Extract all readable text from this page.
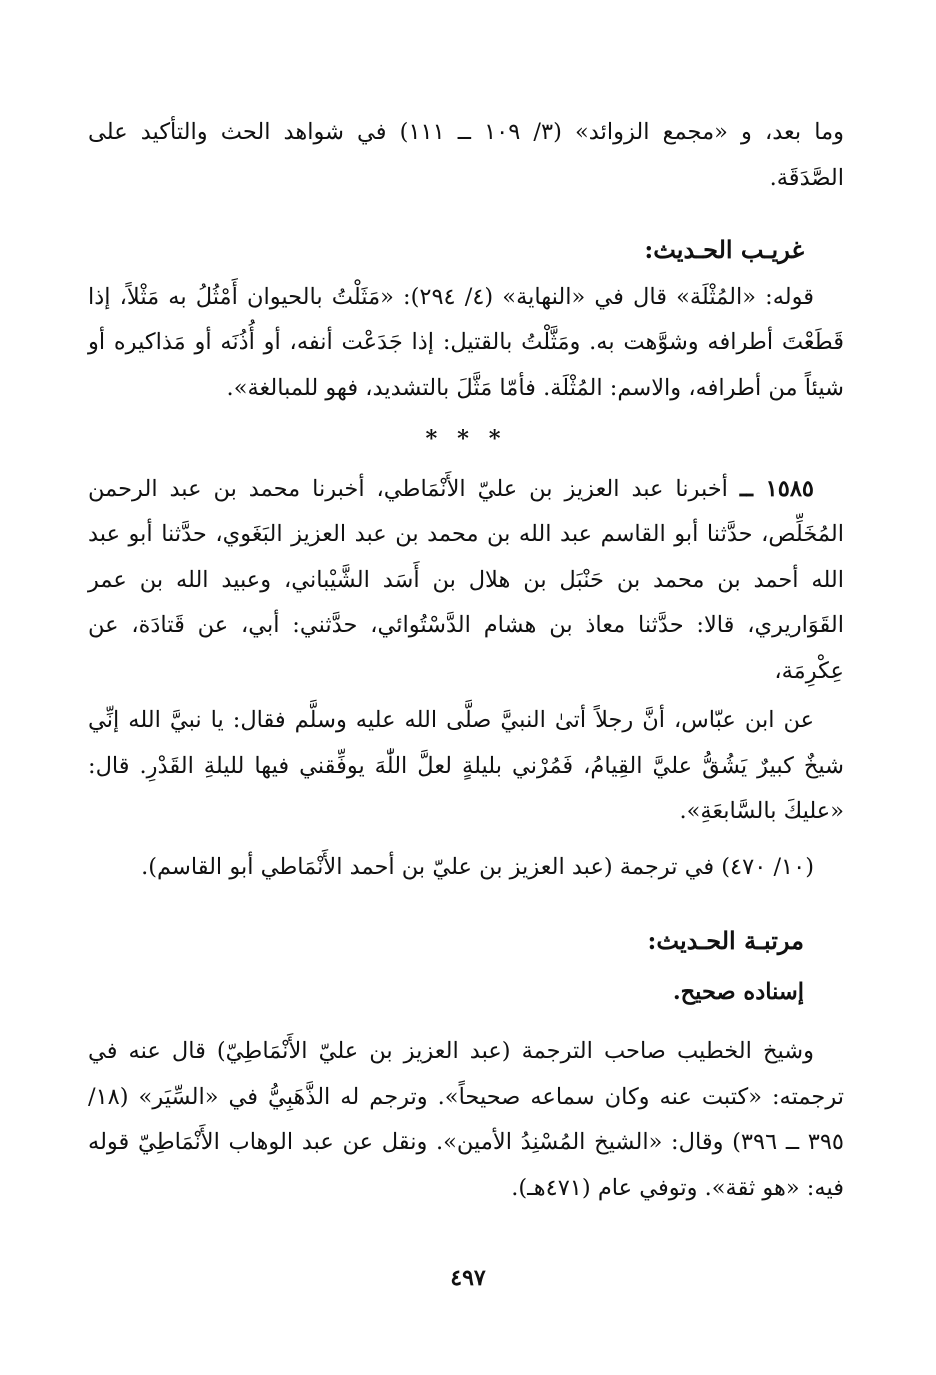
وما بعد، و «مجمع الزوائد» (٣/ ١٠٩ ــ ١١١) في شواهد الحث والتأكيد على الصَّدَقَة.

غريـب الحـديث:

قوله: «المُثْلَة» قال في «النهاية» (٤/ ٢٩٤): «مَثَلْتُ بالحيوان أَمْثُلُ به مَثْلاً، إذا قَطَعْتَ أطرافه وشوَّهت به. ومَثَّلْتُ بالقتيل: إذا جَدَعْت أنفه، أو أُذُنَه أو مَذاكيره أو شيئاً من أطرافه، والاسم: المُثْلَة. فأمّا مَثَّلَ بالتشديد، فهو للمبالغة».

* * *

١٥٨٥ ــ أخبرنا عبد العزيز بن عليّ الأَنْمَاطي، أخبرنا محمد بن عبد الرحمن المُخَلِّص، حدَّثنا أبو القاسم عبد الله بن محمد بن عبد العزيز البَغَوي، حدَّثنا أبو عبد الله أحمد بن محمد بن حَنْبَل بن هلال بن أَسَد الشَّيْباني، وعبيد الله بن عمر القَوَاريري، قالا: حدَّثنا معاذ بن هشام الدَّسْتُوائي، حدَّثني: أبي، عن قَتادَة، عن عِكْرِمَة،

عن ابن عبّاس، أنَّ رجلاً أتىٰ النبيَّ صلَّى الله عليه وسلَّم فقال: يا نبيَّ الله إنِّي شيخٌ كبيرٌ يَشُقُّ عليَّ القِيامُ، فَمُرْني بليلةٍ لعلَّ اللّٰهَ يوفِّقني فيها لليلةِ القَدْرِ. قال: «عليكَ بالسَّابعَةِ».

(١٠/ ٤٧٠) في ترجمة (عبد العزيز بن عليّ بن أحمد الأَنْمَاطي أبو القاسم).

مرتبـة الحـديث:

إسناده صحيح.

وشيخ الخطيب صاحب الترجمة (عبد العزيز بن عليّ الأَنْمَاطِيّ) قال عنه في ترجمته: «كتبت عنه وكان سماعه صحيحاً». وترجم له الذَّهَبِيُّ في «السِّيَر» (١٨/ ٣٩٥ ــ ٣٩٦) وقال: «الشيخ المُسْنِدُ الأمين». ونقل عن عبد الوهاب الأَنْمَاطِيّ قوله فيه: «هو ثقة». وتوفي عام (٤٧١هـ).

٤٩٧
